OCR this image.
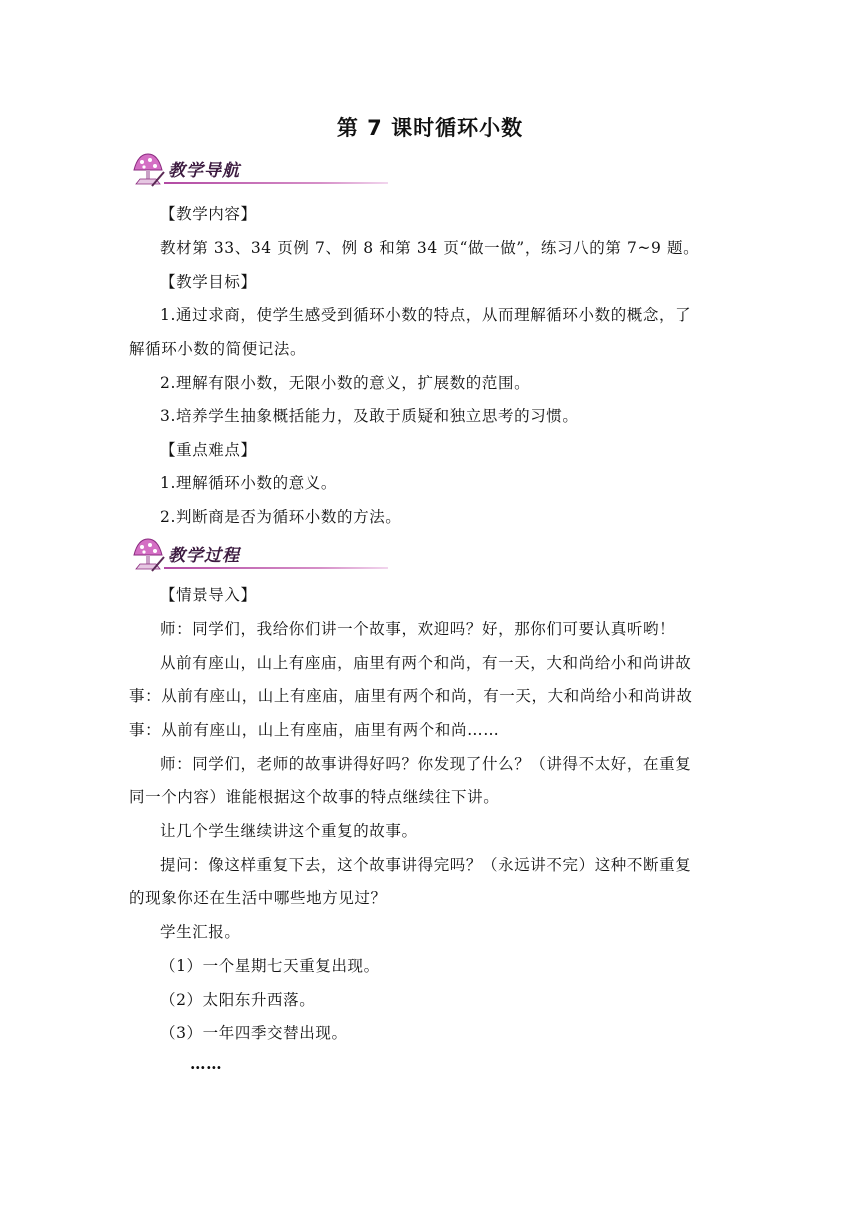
第 7 课时循环小数
教学导航
【教学内容】
教材第 33、34 页例 7、例 8 和第 34 页“做一做”，练习八的第 7~9 题。
【教学目标】
1.通过求商，使学生感受到循环小数的特点，从而理解循环小数的概念，了
解循环小数的简便记法。
2.理解有限小数，无限小数的意义，扩展数的范围。
3.培养学生抽象概括能力，及敢于质疑和独立思考的习惯。
【重点难点】
1.理解循环小数的意义。
2.判断商是否为循环小数的方法。
教学过程
【情景导入】
师：同学们，我给你们讲一个故事，欢迎吗？好，那你们可要认真听哟！
从前有座山，山上有座庙，庙里有两个和尚，有一天，大和尚给小和尚讲故
事：从前有座山，山上有座庙，庙里有两个和尚，有一天，大和尚给小和尚讲故
事：从前有座山，山上有座庙，庙里有两个和尚……
师：同学们，老师的故事讲得好吗？你发现了什么？（讲得不太好，在重复
同一个内容）谁能根据这个故事的特点继续往下讲。
让几个学生继续讲这个重复的故事。
提问：像这样重复下去，这个故事讲得完吗？（永远讲不完）这种不断重复
的现象你还在生活中哪些地方见过？
学生汇报。
（1）一个星期七天重复出现。
（2）太阳东升西落。
（3）一年四季交替出现。
……
